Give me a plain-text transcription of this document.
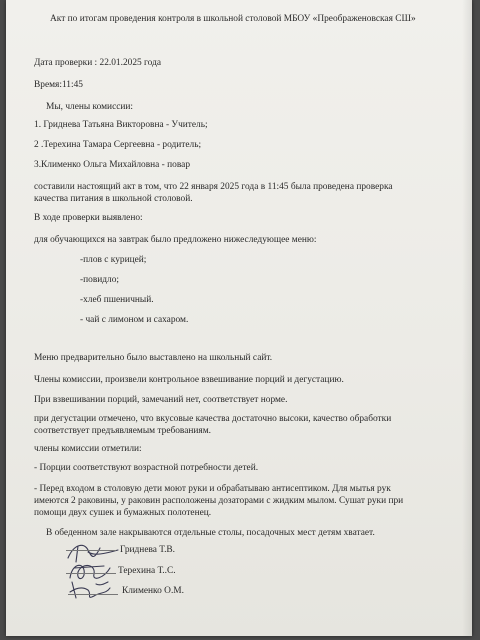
Акт по итогам проведения контроля в школьной столовой МБОУ «Преображеновская СШ»
Дата проверки : 22.01.2025 года
Время:11:45
Мы, члены комиссии:
1. Гриднева Татьяна Викторовна - Учитель;
2 .Терехина Тамара Сергеевна - родитель;
3.Клименко Ольга Михайловна - повар
составили настоящий акт в том, что 22 января 2025 года в 11:45 была проведена проверка
качества питания в школьной столовой.
В ходе проверки выявлено:
для обучающихся на завтрак было предложено нижеследующее меню:
-плов с курицей;
-повидло;
-хлеб пшеничный.
- чай с лимоном и сахаром.
Меню предварительно было выставлено на школьный сайт.
Члены комиссии, произвели контрольное взвешивание порций и дегустацию.
При взвешивании порций, замечаний нет, соответствует норме.
при дегустации отмечено, что вкусовые качества достаточно высоки, качество обработки
соответствует предъявляемым требованиям.
члены комиссии отметили:
- Порции соответствуют возрастной потребности детей.
- Перед входом в столовую дети моют руки и обрабатываю антисептиком. Для мытья рук
имеются 2 раковины, у раковин расположены дозаторами с жидким мылом. Сушат руки при
помощи двух сушек и бумажных полотенец.
В обеденном зале накрываются отдельные столы, посадочных мест детям хватает.
Гриднева Т.В.
Терехина Т..С.
Клименко О.М.
